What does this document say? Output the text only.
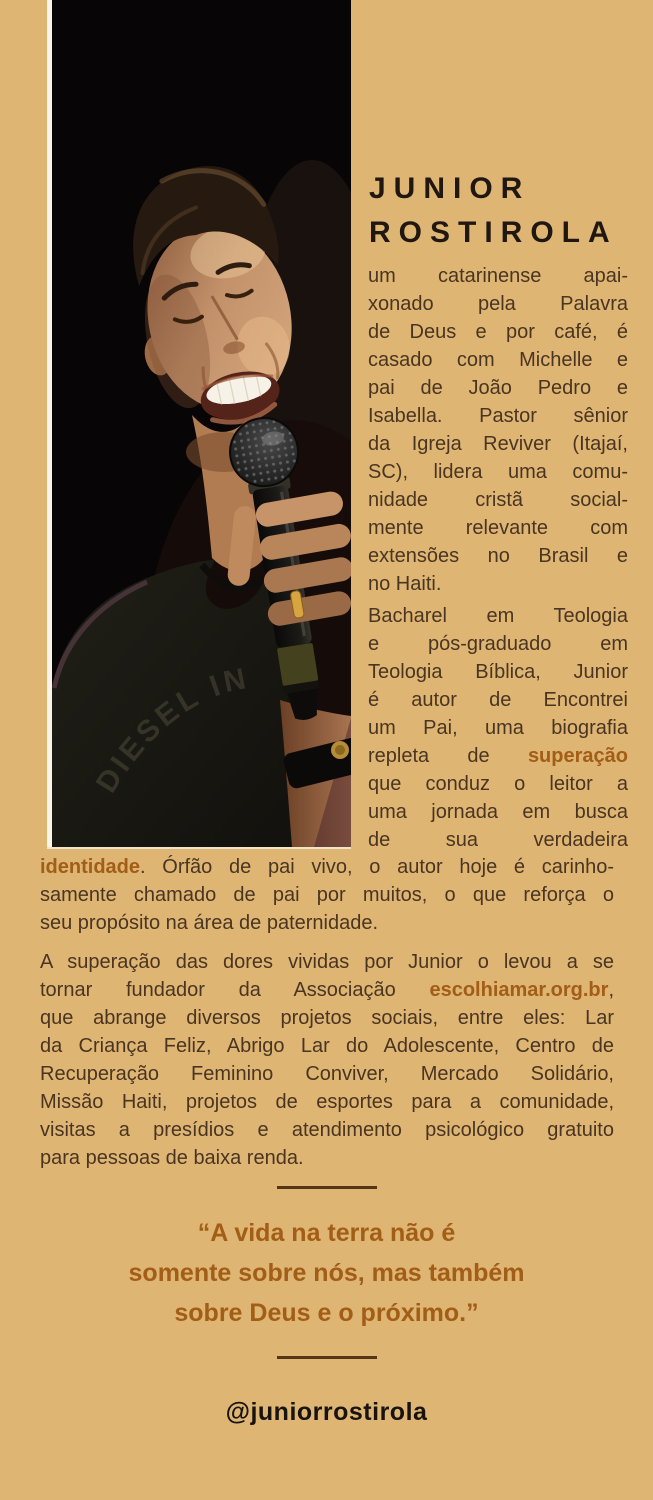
DIESEL IN
JUNIOR
ROSTIROLA
um catarinense apai-
xonado pela Palavra
de Deus e por café, é
casado com Michelle e
pai de João Pedro e
Isabella. Pastor sênior
da Igreja Reviver (Itajaí,
SC), lidera uma comu-
nidade cristã social-
mente relevante com
extensões no Brasil e
no Haiti.
Bacharel em Teologia
e pós-graduado em
Teologia Bíblica, Junior
é autor de Encontrei
um Pai, uma biografia
repleta de superação
que conduz o leitor a
uma jornada em busca
de sua verdadeira
identidade. Órfão de pai vivo, o autor hoje é carinho-
samente chamado de pai por muitos, o que reforça o
seu propósito na área de paternidade.
A superação das dores vividas por Junior o levou a se
tornar fundador da Associação escolhiamar.org.br,
que abrange diversos projetos sociais, entre eles: Lar
da Criança Feliz, Abrigo Lar do Adolescente, Centro de
Recuperação Feminino Conviver, Mercado Solidário,
Missão Haiti, projetos de esportes para a comunidade,
visitas a presídios e atendimento psicológico gratuito
para pessoas de baixa renda.
“A vida na terra não é
somente sobre nós, mas também
sobre Deus e o próximo.”
@juniorrostirola
